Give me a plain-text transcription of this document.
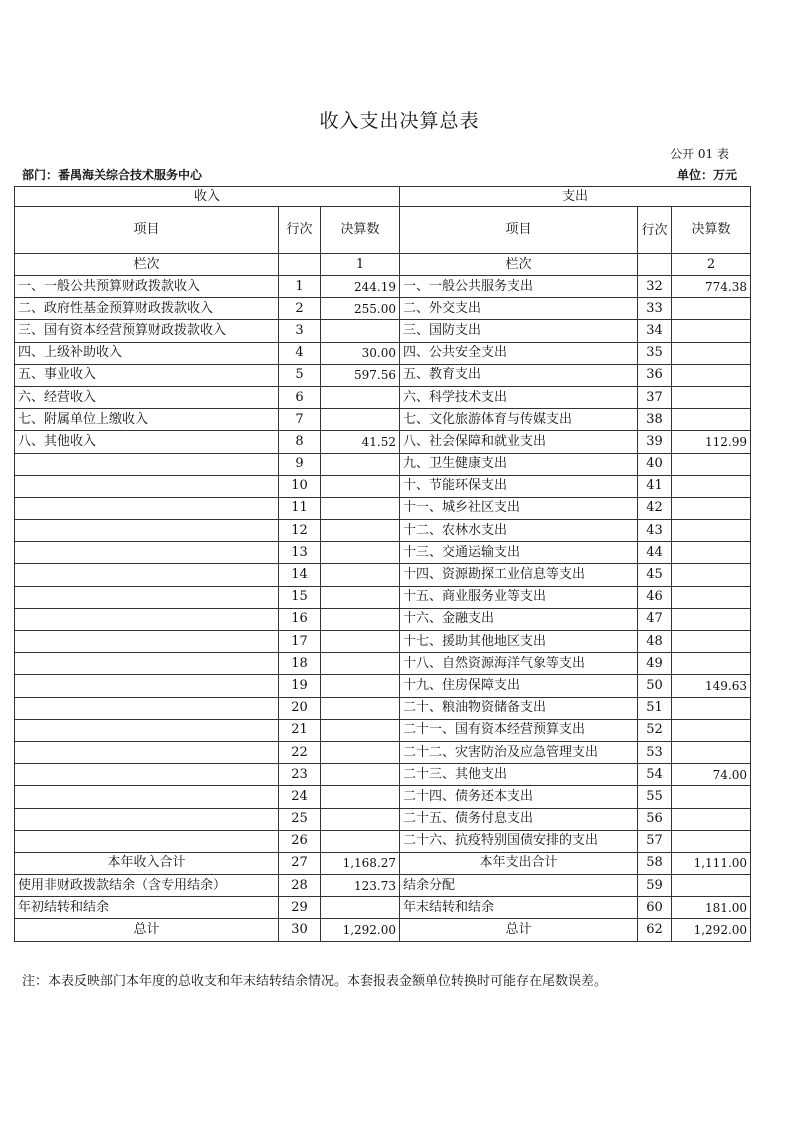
收入支出决算总表
公开 01 表
部门：番禺海关综合技术服务中心	单位：万元
收入			支出		
项目	行次	决算数	项目	行次	决算数
栏次		1	栏次		2
一、一般公共预算财政拨款收入	1	244.19	一、一般公共服务支出	32	774.38
二、政府性基金预算财政拨款收入	2	255.00	二、外交支出	33	
三、国有资本经营预算财政拨款收入	3		三、国防支出	34	
四、上级补助收入	4	30.00	四、公共安全支出	35	
五、事业收入	5	597.56	五、教育支出	36	
六、经营收入	6		六、科学技术支出	37	
七、附属单位上缴收入	7		七、文化旅游体育与传媒支出	38	
八、其他收入	8	41.52	八、社会保障和就业支出	39	112.99
	9		九、卫生健康支出	40	
	10		十、节能环保支出	41	
	11		十一、城乡社区支出	42	
	12		十二、农林水支出	43	
	13		十三、交通运输支出	44	
	14		十四、资源勘探工业信息等支出	45	
	15		十五、商业服务业等支出	46	
	16		十六、金融支出	47	
	17		十七、援助其他地区支出	48	
	18		十八、自然资源海洋气象等支出	49	
	19		十九、住房保障支出	50	149.63
	20		二十、粮油物资储备支出	51	
	21		二十一、国有资本经营预算支出	52	
	22		二十二、灾害防治及应急管理支出	53	
	23		二十三、其他支出	54	74.00
	24		二十四、债务还本支出	55	
	25		二十五、债务付息支出	56	
	26		二十六、抗疫特别国债安排的支出	57	
本年收入合计	27	1,168.27	本年支出合计	58	1,111.00
使用非财政拨款结余（含专用结余）	28	123.73	结余分配	59	
年初结转和结余	29		年末结转和结余	60	181.00
总计	30	1,292.00	总计	62	1,292.00
注：本表反映部门本年度的总收支和年末结转结余情况。本套报表金额单位转换时可能存在尾数误差。
